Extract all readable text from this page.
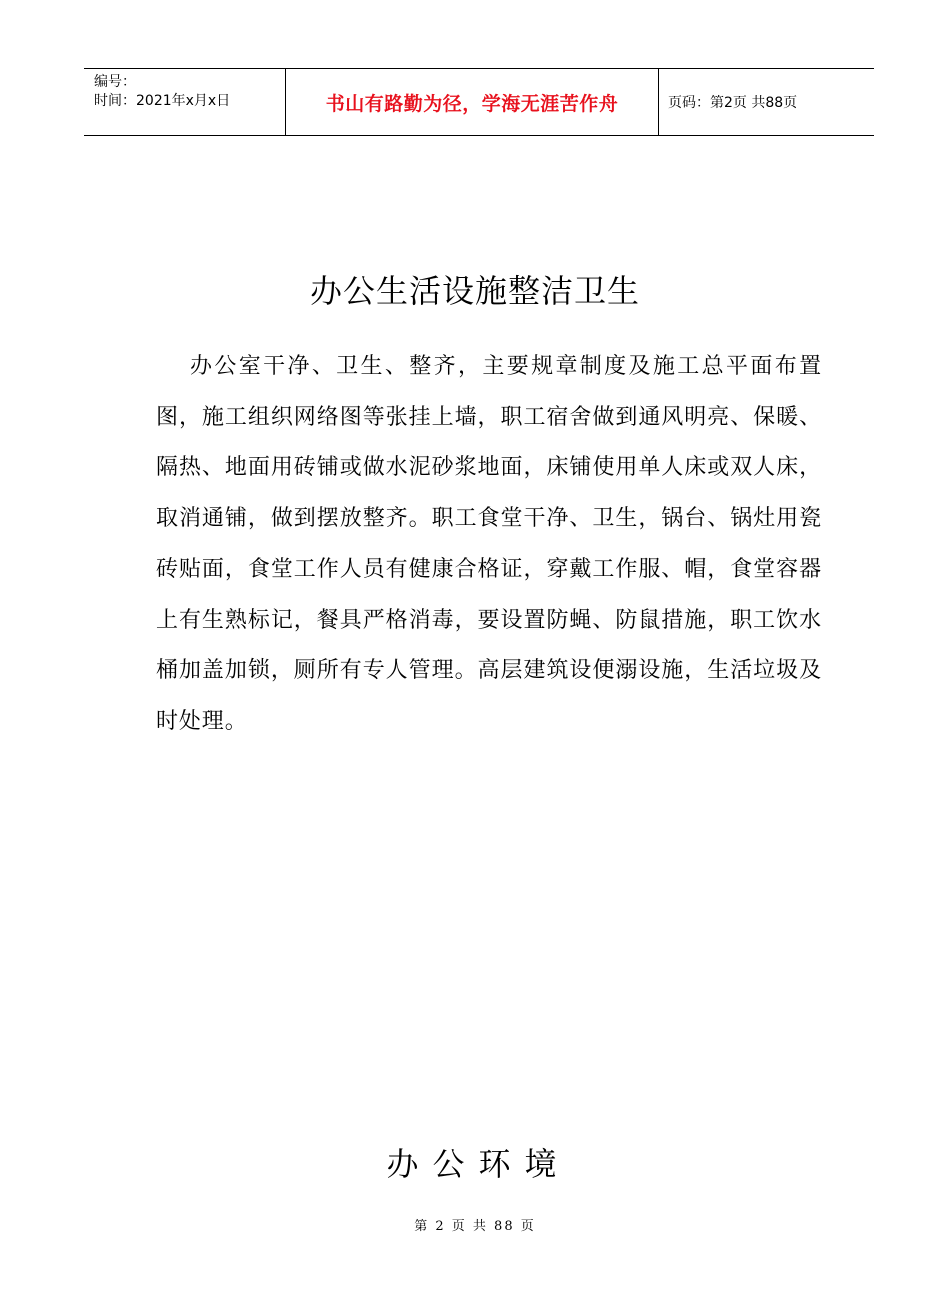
编号：
时间：2021年x月x日	书山有路勤为径，学海无涯苦作舟	页码：第2页 共88页
办公生活设施整洁卫生

办公室干净、卫生、整齐，主要规章制度及施工总平面布置图，施工组织网络图等张挂上墙，职工宿舍做到通风明亮、保暖、隔热、地面用砖铺或做水泥砂浆地面，床铺使用单人床或双人床，取消通铺，做到摆放整齐。职工食堂干净、卫生，锅台、锅灶用瓷砖贴面，食堂工作人员有健康合格证，穿戴工作服、帽，食堂容器上有生熟标记，餐具严格消毒，要设置防蝇、防鼠措施，职工饮水桶加盖加锁，厕所有专人管理。高层建筑设便溺设施，生活垃圾及时处理。

办公环境
第 2 页 共 88 页
